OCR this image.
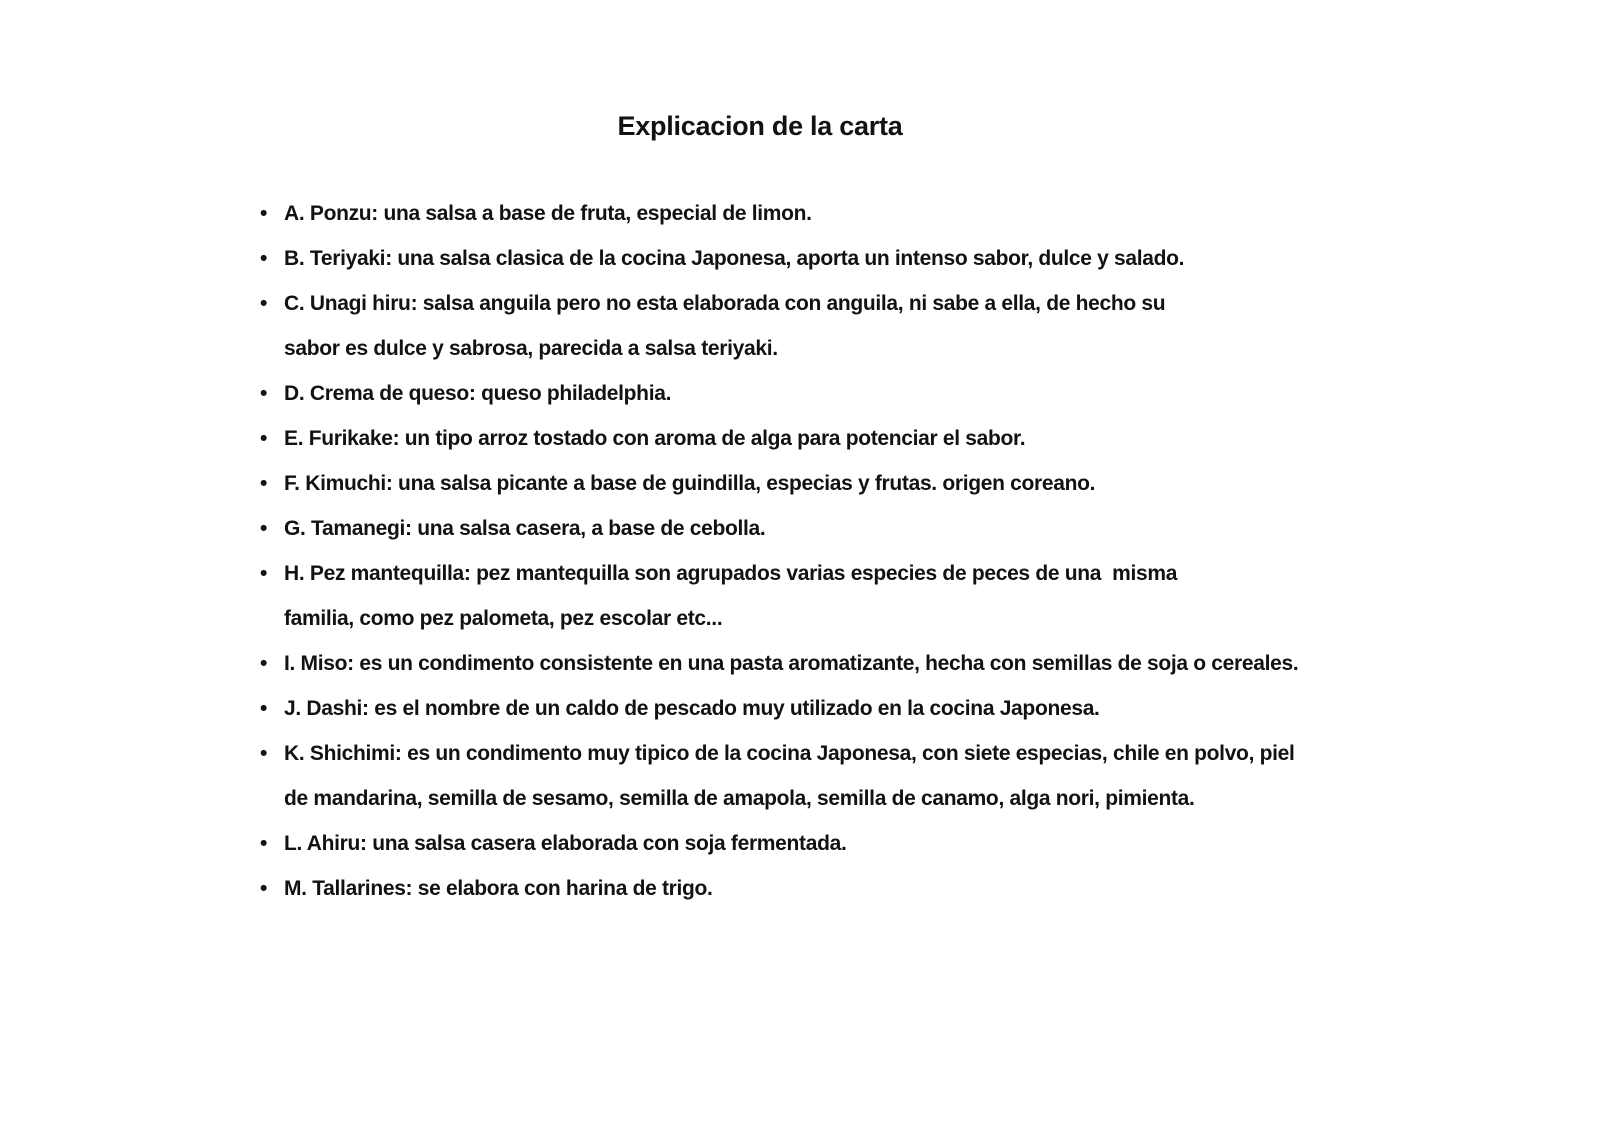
Explicacion de la carta
• A. Ponzu: una salsa a base de fruta, especial de limon.
• B. Teriyaki: una salsa clasica de la cocina Japonesa, aporta un intenso sabor, dulce y salado.
• C. Unagi hiru: salsa anguila pero no esta elaborada con anguila, ni sabe a ella, de hecho su
sabor es dulce y sabrosa, parecida a salsa teriyaki.
• D. Crema de queso: queso philadelphia.
• E. Furikake: un tipo arroz tostado con aroma de alga para potenciar el sabor.
• F. Kimuchi: una salsa picante a base de guindilla, especias y frutas. origen coreano.
• G. Tamanegi: una salsa casera, a base de cebolla.
• H. Pez mantequilla: pez mantequilla son agrupados varias especies de peces de una  misma
familia, como pez palometa, pez escolar etc...
• I. Miso: es un condimento consistente en una pasta aromatizante, hecha con semillas de soja o cereales.
• J. Dashi: es el nombre de un caldo de pescado muy utilizado en la cocina Japonesa.
• K. Shichimi: es un condimento muy tipico de la cocina Japonesa, con siete especias, chile en polvo, piel
de mandarina, semilla de sesamo, semilla de amapola, semilla de canamo, alga nori, pimienta.
• L. Ahiru: una salsa casera elaborada con soja fermentada.
• M. Tallarines: se elabora con harina de trigo.
